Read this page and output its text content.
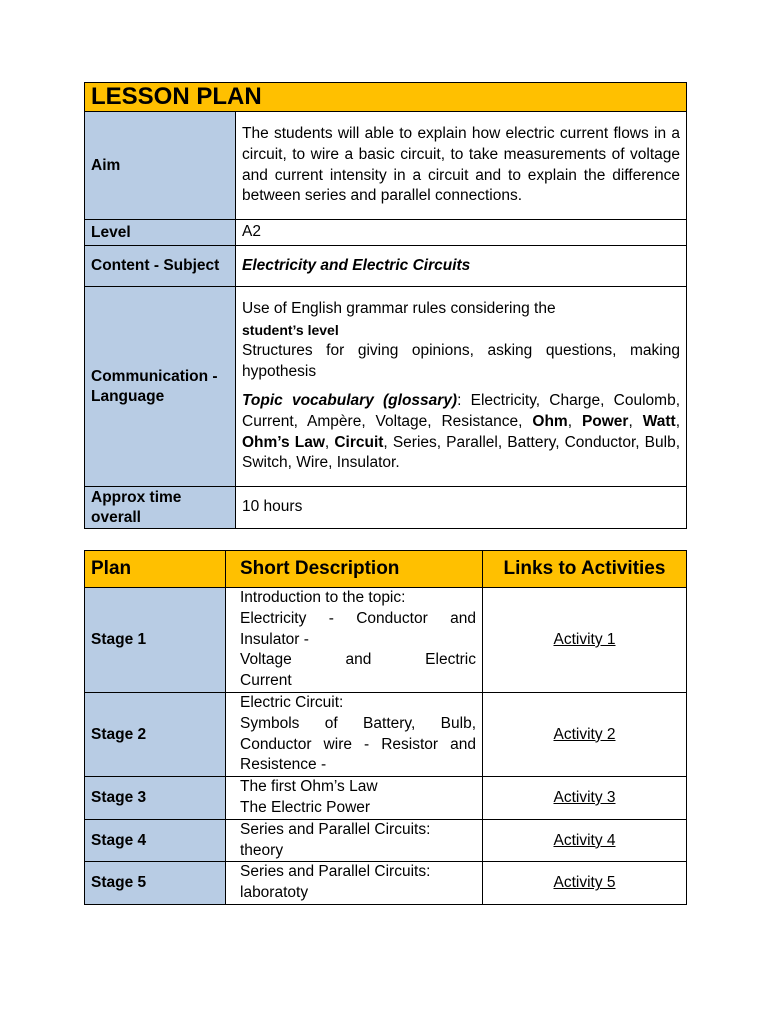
LESSON PLAN	
Aim	The students will able to explain how electric current flows in a circuit, to wire a basic circuit, to take measurements of voltage and current intensity in a circuit and to explain the difference between series and parallel connections.
Level	A2
Content - Subject	Electricity and Electric Circuits
Communication -Language	Use of English grammar rules considering the
student’s level

Structures for giving opinions, asking questions, making hypothesis

Topic vocabulary (glossary): Electricity, Charge, Coulomb, Current, Ampère, Voltage, Resistance, Ohm, Power, Watt, Ohm’s Law, Circuit, Series, Parallel, Battery, Conductor, Bulb, Switch, Wire, Insulator.

Approx time overall	10 hours
Plan	Short Description	Links to Activities
Stage 1	Introduction to the topic:
Electricity - Conductor and Insulator -
Voltage and Electric
Current	Activity 1
Stage 2	Electric Circuit:
Symbols of Battery, Bulb, Conductor wire - Resistor and Resistence -	Activity 2
Stage 3	The first Ohm’s Law
The Electric Power	Activity 3
Stage 4	Series and Parallel Circuits:
theory	Activity 4
Stage 5	Series and Parallel Circuits:
laboratoty	Activity 5
